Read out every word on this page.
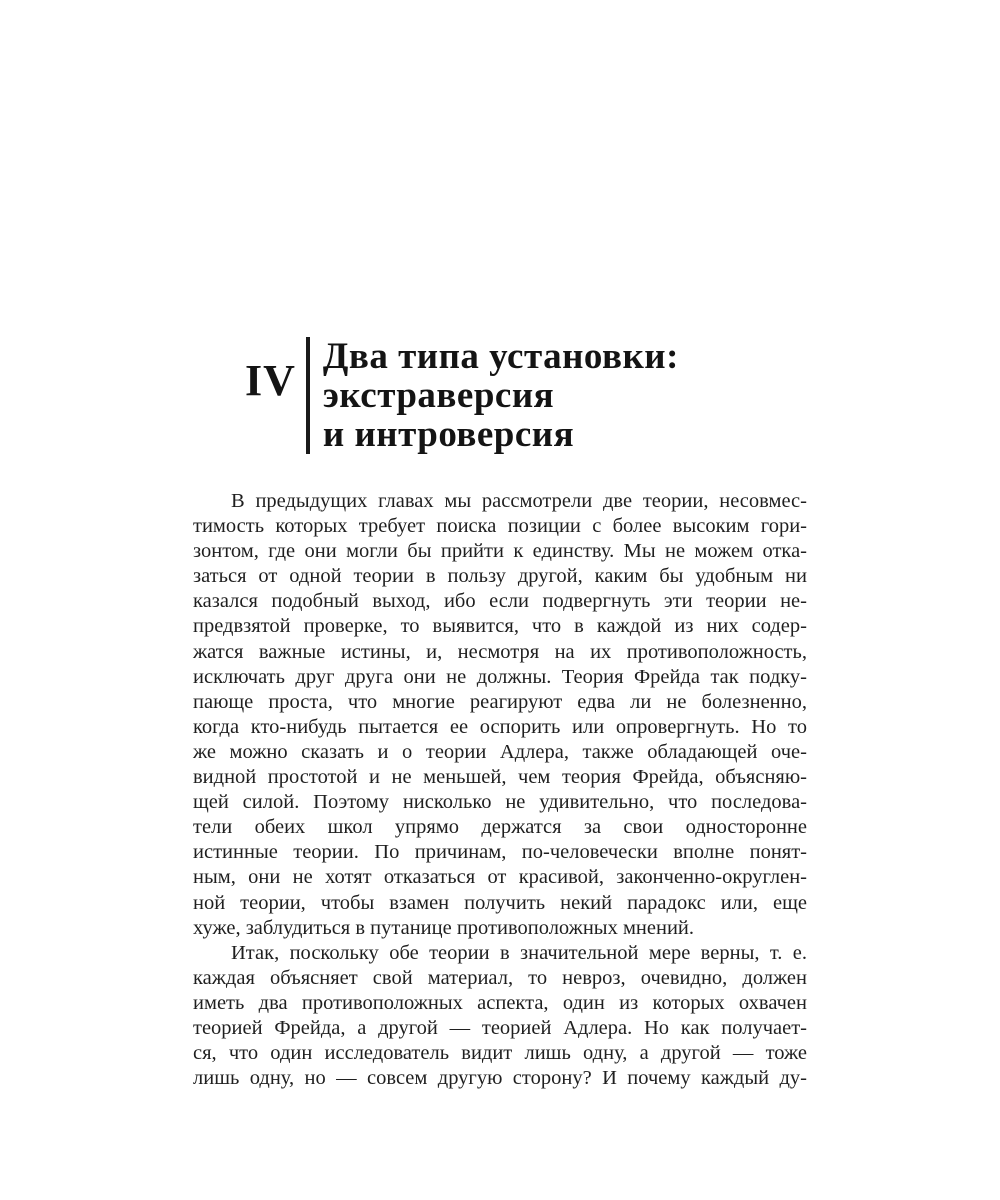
IV Два типа установки:
экстраверсия
и интроверсия
В предыдущих главах мы рассмотрели две теории, несовмес-
тимость которых требует поиска позиции с более высоким гори-
зонтом, где они могли бы прийти к единству. Мы не можем отка-
заться от одной теории в пользу другой, каким бы удобным ни
казался подобный выход, ибо если подвергнуть эти теории не-
предвзятой проверке, то выявится, что в каждой из них содер-
жатся важные истины, и, несмотря на их противоположность,
исключать друг друга они не должны. Теория Фрейда так подку-
пающе проста, что многие реагируют едва ли не болезненно,
когда кто-нибудь пытается ее оспорить или опровергнуть. Но то
же можно сказать и о теории Адлера, также обладающей оче-
видной простотой и не меньшей, чем теория Фрейда, объясняю-
щей силой. Поэтому нисколько не удивительно, что последова-
тели обеих школ упрямо держатся за свои односторонне
истинные теории. По причинам, по-человечески вполне понят-
ным, они не хотят отказаться от красивой, законченно-округлен-
ной теории, чтобы взамен получить некий парадокс или, еще
хуже, заблудиться в путанице противоположных мнений.
Итак, поскольку обе теории в значительной мере верны, т. е.
каждая объясняет свой материал, то невроз, очевидно, должен
иметь два противоположных аспекта, один из которых охвачен
теорией Фрейда, а другой — теорией Адлера. Но как получает-
ся, что один исследователь видит лишь одну, а другой — тоже
лишь одну, но — совсем другую сторону? И почему каждый ду-
